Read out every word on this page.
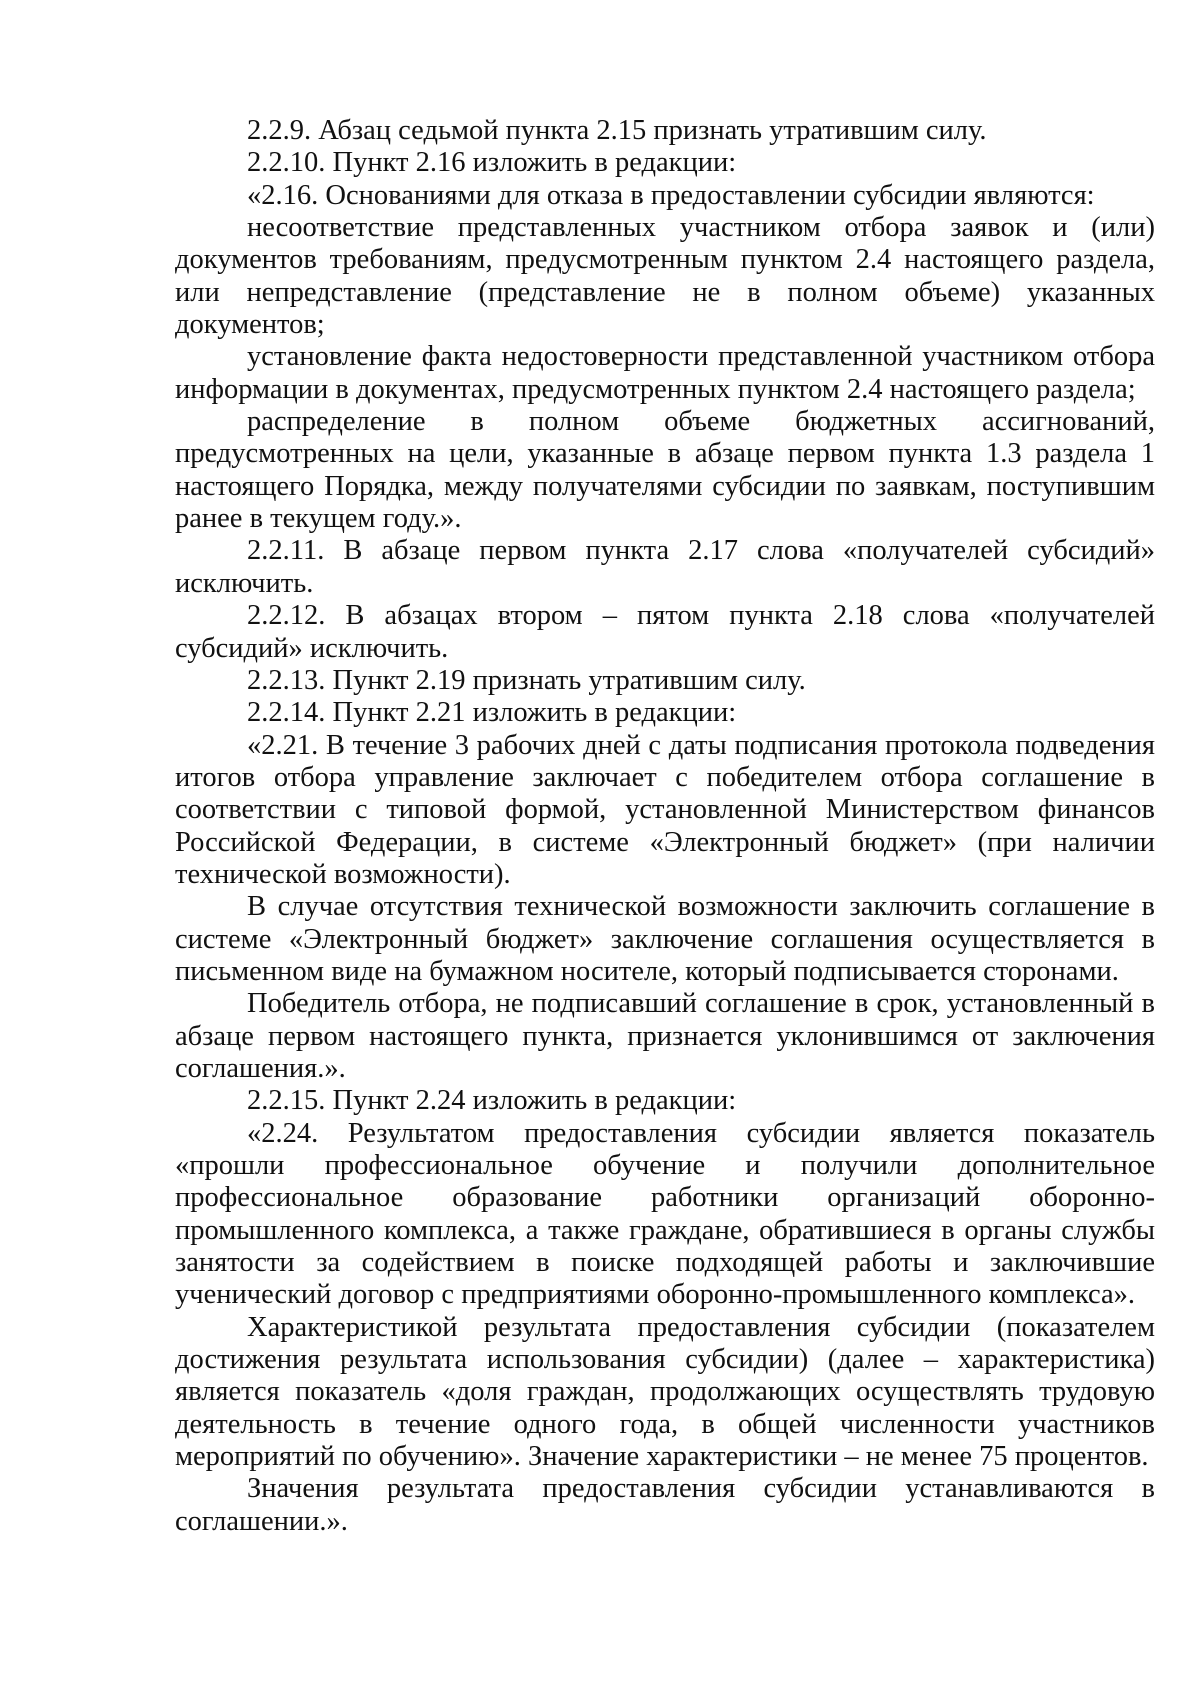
2.2.9. Абзац седьмой пункта 2.15 признать утратившим силу.

2.2.10. Пункт 2.16 изложить в редакции:

«2.16. Основаниями для отказа в предоставлении субсидии являются:

несоответствие представленных участником отбора заявок и (или) документов требованиям, предусмотренным пунктом 2.4 настоящего раздела, или непредставление (представление не в полном объеме) указанных документов;

установление факта недостоверности представленной участником отбора информации в документах, предусмотренных пунктом 2.4 настоящего раздела;

распределение в полном объеме бюджетных ассигнований, предусмотренных на цели, указанные в абзаце первом пункта 1.3 раздела 1 настоящего Порядка, между получателями субсидии по заявкам, поступившим ранее в текущем году.».

2.2.11. В абзаце первом пункта 2.17 слова «получателей субсидий» исключить.

2.2.12. В абзацах втором – пятом пункта 2.18 слова «получателей субсидий» исключить.

2.2.13. Пункт 2.19 признать утратившим силу.

2.2.14. Пункт 2.21 изложить в редакции:

«2.21. В течение 3 рабочих дней с даты подписания протокола подведения итогов отбора управление заключает с победителем отбора соглашение в соответствии с типовой формой, установленной Министерством финансов Российской Федерации, в системе «Электронный бюджет» (при наличии технической возможности).

В случае отсутствия технической возможности заключить соглашение в системе «Электронный бюджет» заключение соглашения осуществляется в письменном виде на бумажном носителе, который подписывается сторонами.

Победитель отбора, не подписавший соглашение в срок, установленный в абзаце первом настоящего пункта, признается уклонившимся от заключения соглашения.».

2.2.15. Пункт 2.24 изложить в редакции:

«2.24. Результатом предоставления субсидии является показатель «прошли профессиональное обучение и получили дополнительное профессиональное образование работники организаций оборонно-промышленного комплекса, а также граждане, обратившиеся в органы службы занятости за содействием в поиске подходящей работы и заключившие ученический договор с предприятиями оборонно-промышленного комплекса».

Характеристикой результата предоставления субсидии (показателем достижения результата использования субсидии) (далее – характеристика) является показатель «доля граждан, продолжающих осуществлять трудовую деятельность в течение одного года, в общей численности участников мероприятий по обучению». Значение характеристики – не менее 75 процентов.

Значения результата предоставления субсидии устанавливаются в соглашении.».
